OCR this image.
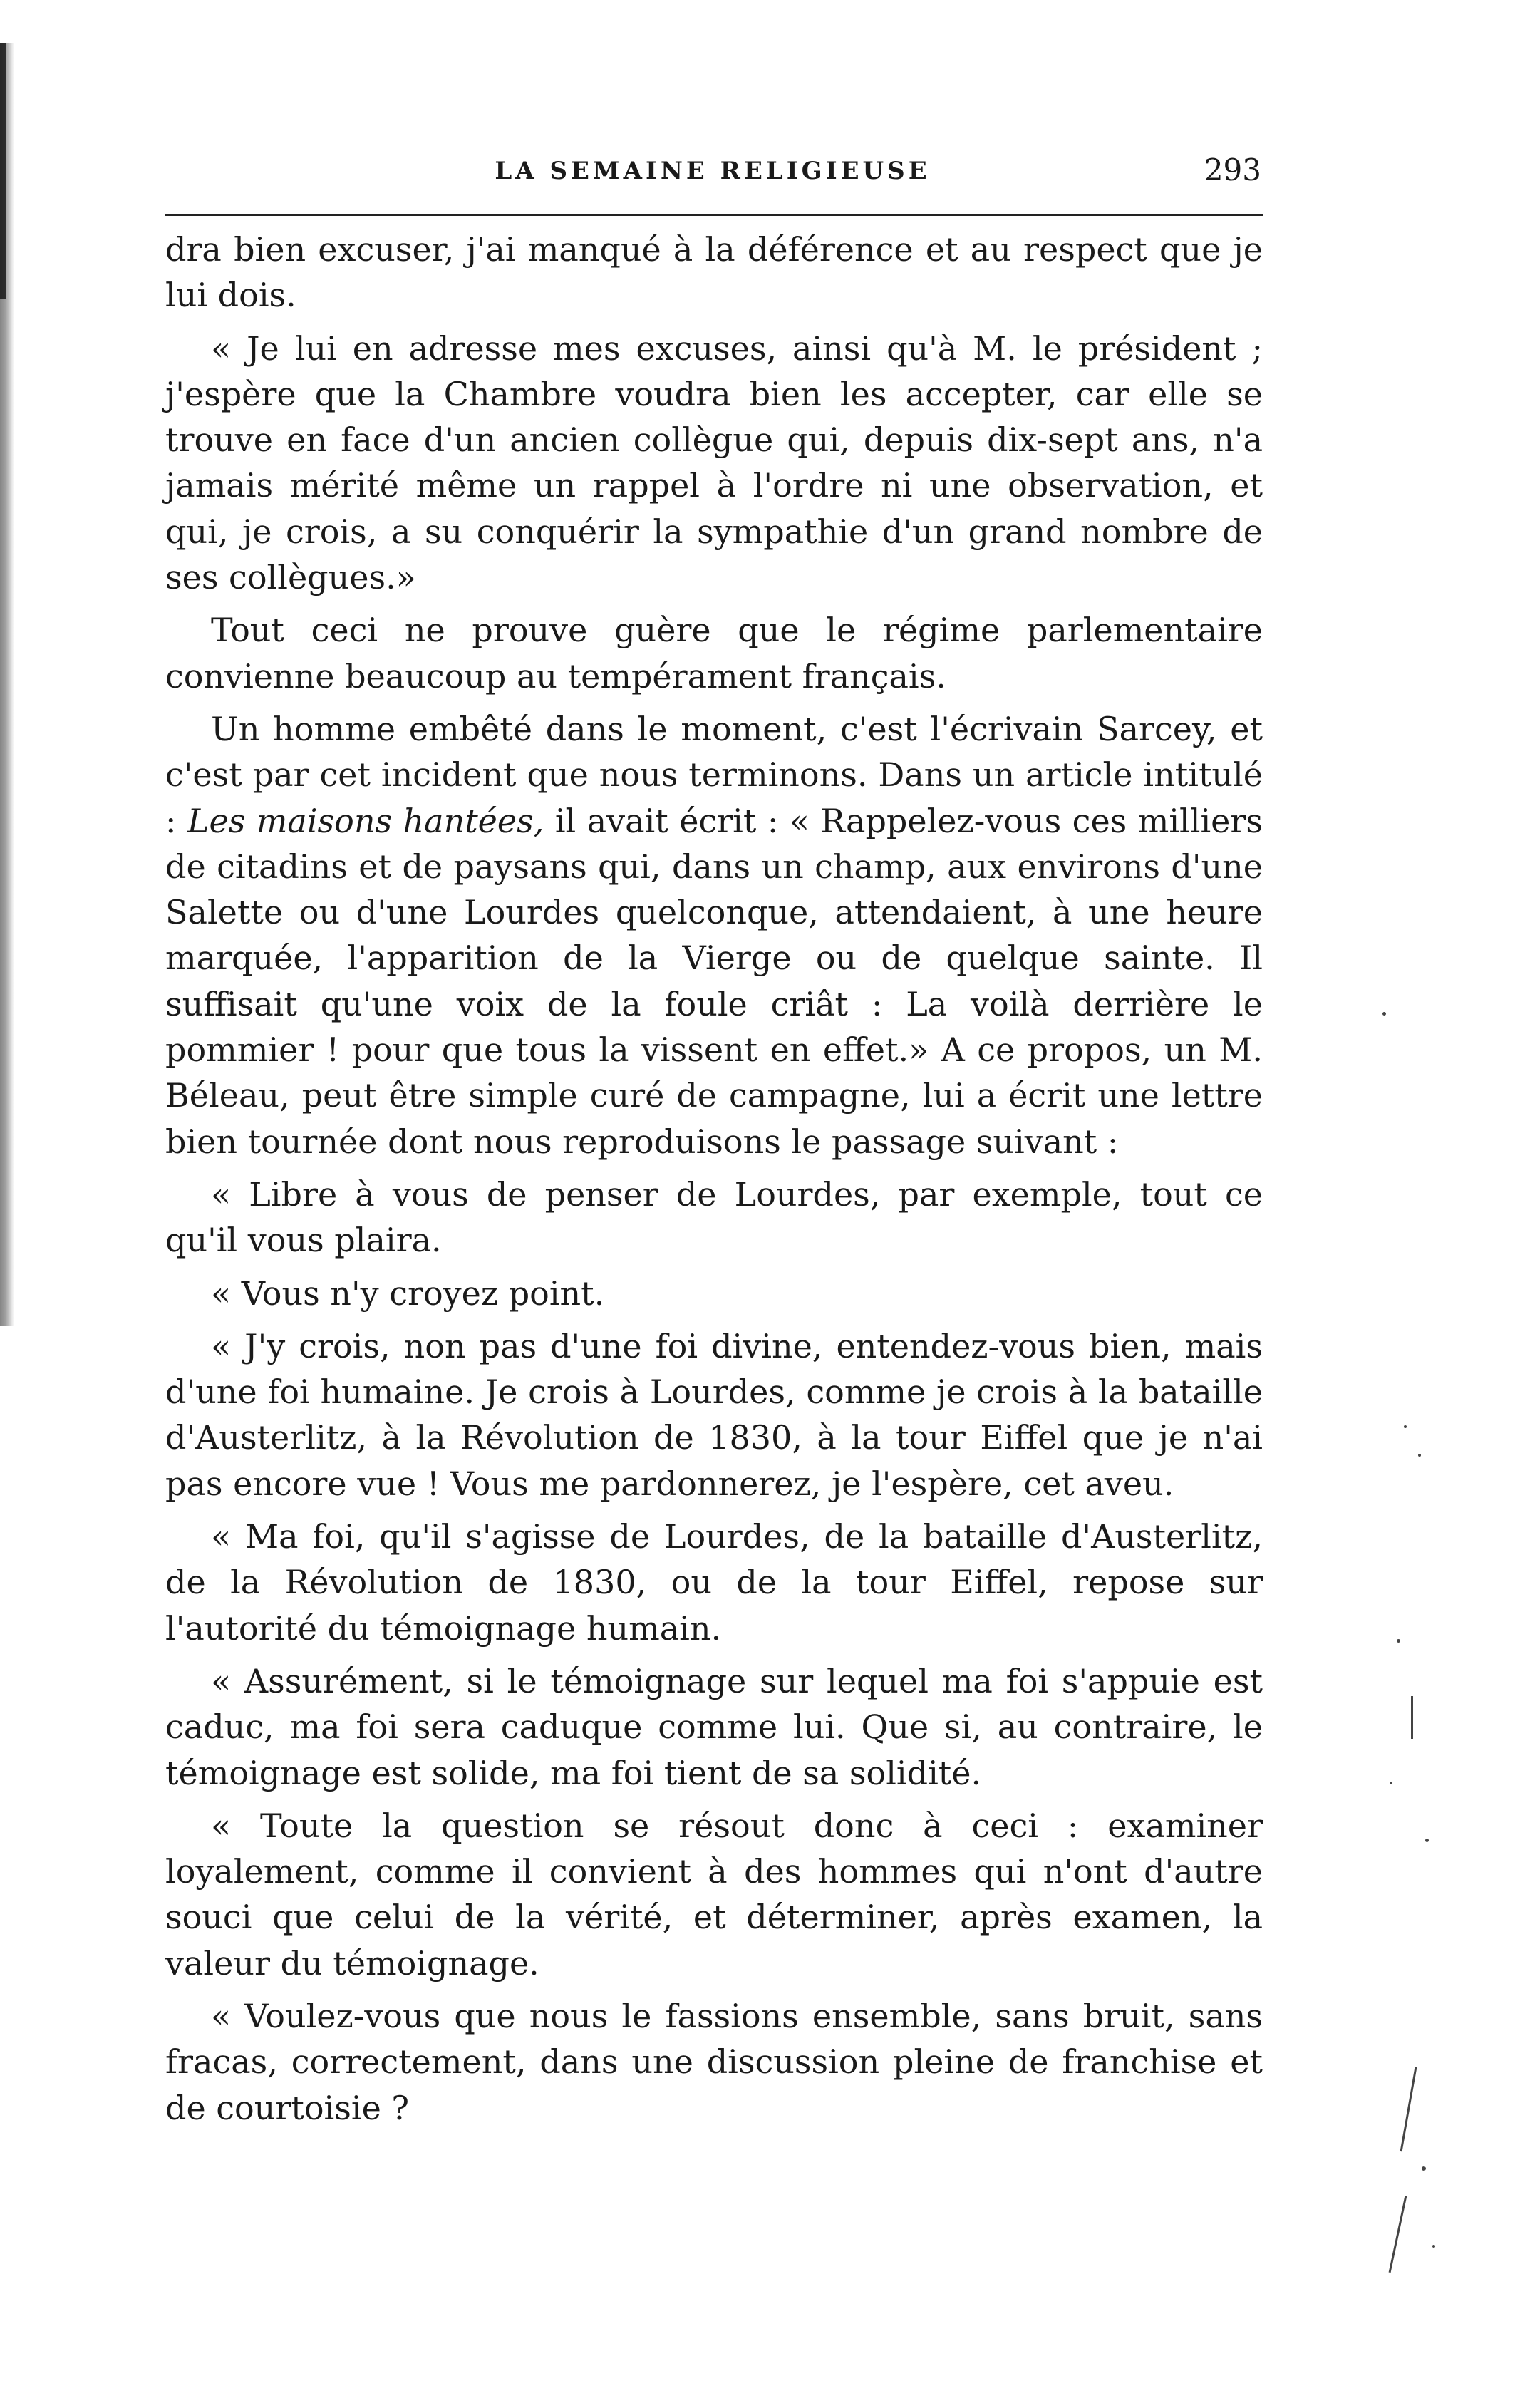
LA SEMAINE RELIGIEUSE	293

dra bien excuser, j'ai manqué à la déférence et au respect que je lui dois.

« Je lui en adresse mes excuses, ainsi qu'à M. le président ; j'espère que la Chambre voudra bien les accepter, car elle se trouve en face d'un ancien collègue qui, depuis dix-sept ans, n'a jamais mérité même un rappel à l'ordre ni une observation, et qui, je crois, a su conquérir la sympathie d'un grand nombre de ses collègues.»

Tout ceci ne prouve guère que le régime parlementaire convienne beaucoup au tempérament français.

Un homme embêté dans le moment, c'est l'écrivain Sarcey, et c'est par cet incident que nous terminons. Dans un article intitulé : Les maisons hantées, il avait écrit : « Rappelez-vous ces milliers de citadins et de paysans qui, dans un champ, aux environs d'une Salette ou d'une Lourdes quelconque, attendaient, à une heure marquée, l'apparition de la Vierge ou de quelque sainte. Il suffisait qu'une voix de la foule criât : La voilà derrière le pommier ! pour que tous la vissent en effet.» A ce propos, un M. Béleau, peut être simple curé de campagne, lui a écrit une lettre bien tournée dont nous reproduisons le passage suivant :

« Libre à vous de penser de Lourdes, par exemple, tout ce qu'il vous plaira.

« Vous n'y croyez point.

« J'y crois, non pas d'une foi divine, entendez-vous bien, mais d'une foi humaine. Je crois à Lourdes, comme je crois à la bataille d'Austerlitz, à la Révolution de 1830, à la tour Eiffel que je n'ai pas encore vue ! Vous me pardonnerez, je l'espère, cet aveu.

« Ma foi, qu'il s'agisse de Lourdes, de la bataille d'Austerlitz, de la Révolution de 1830, ou de la tour Eiffel, repose sur l'autorité du témoignage humain.

« Assurément, si le témoignage sur lequel ma foi s'appuie est caduc, ma foi sera caduque comme lui. Que si, au contraire, le témoignage est solide, ma foi tient de sa solidité.

« Toute la question se résout donc à ceci : examiner loyalement, comme il convient à des hommes qui n'ont d'autre souci que celui de la vérité, et déterminer, après examen, la valeur du témoignage.

« Voulez-vous que nous le fassions ensemble, sans bruit, sans fracas, correctement, dans une discussion pleine de franchise et de courtoisie ?
